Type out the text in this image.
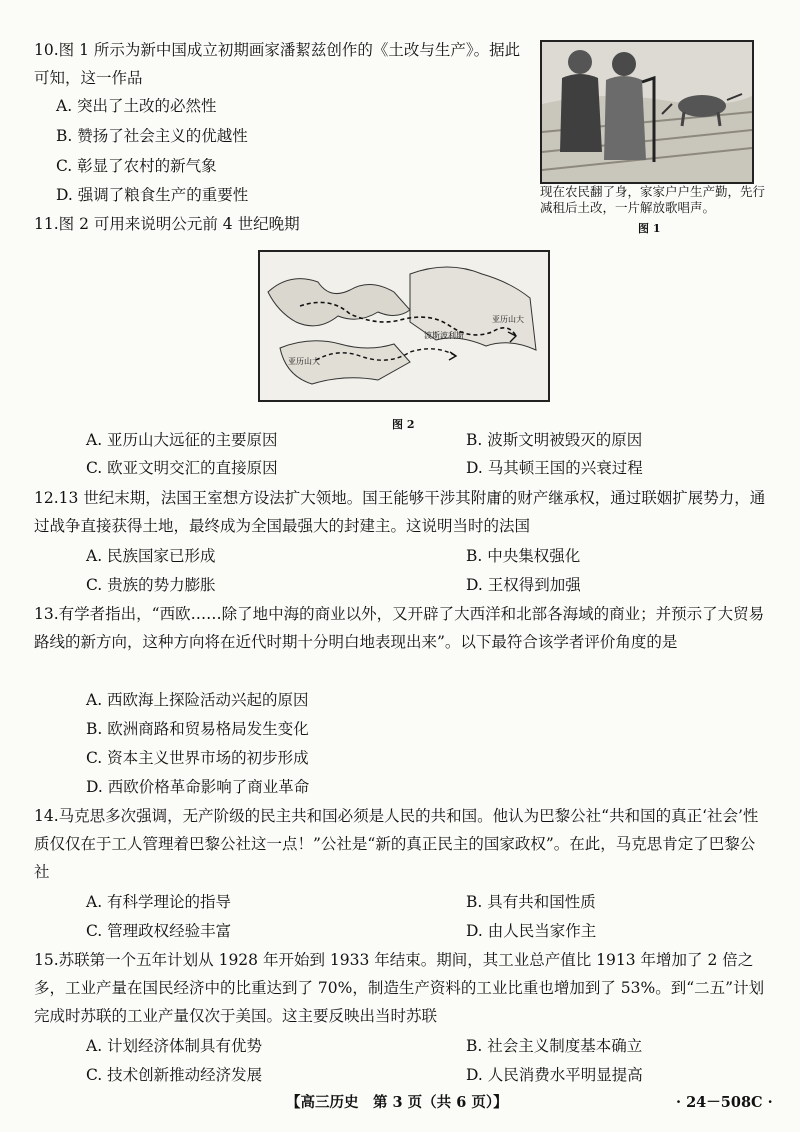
10.图 1 所示为新中国成立初期画家潘絜兹创作的《土改与生产》。据此可知，这一作品

A. 突出了土改的必然性
B. 赞扬了社会主义的优越性
C. 彰显了农村的新气象
D. 强调了粮食生产的重要性	现在农民翻了身，家家户户生产勤，先行减租后土改，一片解放歌唱声。
图 1

11.图 2 可用来说明公元前 4 世纪晚期

亚历山大
波斯波利斯
亚历山大
图 2
A. 亚历山大远征的主要原因	B. 波斯文明被毁灭的原因
C. 欧亚文明交汇的直接原因	D. 马其顿王国的兴衰过程

12.13 世纪末期，法国王室想方设法扩大领地。国王能够干涉其附庸的财产继承权，通过联姻扩展势力，通过战争直接获得土地，最终成为全国最强大的封建主。这说明当时的法国

A. 民族国家已形成	B. 中央集权强化
C. 贵族的势力膨胀	D. 王权得到加强

13.有学者指出，“西欧……除了地中海的商业以外，又开辟了大西洋和北部各海域的商业；并预示了大贸易路线的新方向，这种方向将在近代时期十分明白地表现出来”。以下最符合该学者评价角度的是

A. 西欧海上探险活动兴起的原因
B. 欧洲商路和贸易格局发生变化
C. 资本主义世界市场的初步形成
D. 西欧价格革命影响了商业革命

14.马克思多次强调，无产阶级的民主共和国必须是人民的共和国。他认为巴黎公社“共和国的真正‘社会’性质仅仅在于工人管理着巴黎公社这一点！”公社是“新的真正民主的国家政权”。在此，马克思肯定了巴黎公社

A. 有科学理论的指导	B. 具有共和国性质
C. 管理政权经验丰富	D. 由人民当家作主

15.苏联第一个五年计划从 1928 年开始到 1933 年结束。期间，其工业总产值比 1913 年增加了 2 倍之多，工业产量在国民经济中的比重达到了 70%，制造生产资料的工业比重也增加到了 53%。到“二五”计划完成时苏联的工业产量仅次于美国。这主要反映出当时苏联

A. 计划经济体制具有优势	B. 社会主义制度基本确立
C. 技术创新推动经济发展	D. 人民消费水平明显提高
【高三历史　第 3 页（共 6 页）】	· 24－508C ·
